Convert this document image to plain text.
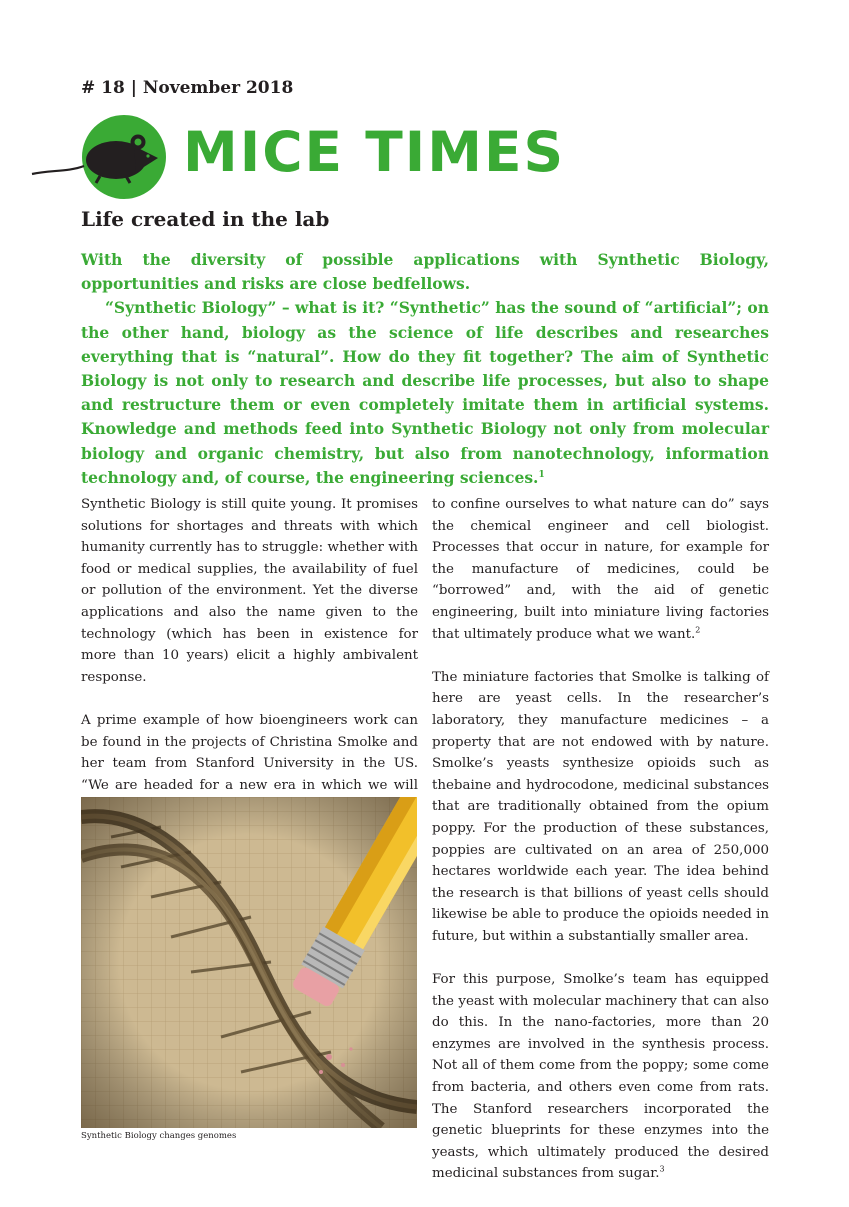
# 18 | November 2018
MICE TIMES
Life created in the lab

With the diversity of possible applications with Synthetic Biology, opportunities and risks are close bedfellows.

“Synthetic Biology” – what is it? “Synthetic” has the sound of “artificial”; on the other hand, biology as the science of life describes and researches everything that is “natural”. How do they fit together? The aim of Synthetic Biology is not only to research and describe life processes, but also to shape and restructure them or even completely imitate them in artificial systems. Knowledge and methods feed into Synthetic Biology not only from molecular biology and organic chemistry, but also from nanotechnology, information technology and, of course, the engineering sciences.$^1$

Synthetic Biology is still quite young. It promises solutions for shortages and threats with which humanity currently has to struggle: whether with food or medical supplies, the availability of fuel or pollution of the environment. Yet the diverse applications and also the name given to the technology (which has been in existence for more than 10 years) elicit a highly ambivalent response.

A prime example of how bioengineers work can be found in the projects of Christina Smolke and her team from Stanford University in the US. “We are headed for a new era in which we will

to confine ourselves to what nature can do” says the chemical engineer and cell biologist. Processes that occur in nature, for example for the manufacture of medicines, could be “borrowed” and, with the aid of genetic engineering, built into miniature living factories that ultimately produce what we want.$^2$

The miniature factories that Smolke is talking of here are yeast cells. In the researcher’s laboratory, they manufacture medicines – a property that are not endowed with by nature. Smolke’s yeasts synthesize opioids such as thebaine and hydrocodone, medicinal substances that are traditionally obtained from the opium poppy. For the production of these substances, poppies are cultivated on an area of 250,000 hectares worldwide each year. The idea behind the research is that billions of yeast cells should likewise be able to produce the opioids needed in future, but within a substantially smaller area.

For this purpose, Smolke’s team has equipped the yeast with molecular machinery that can also do this. In the nano-factories, more than 20 enzymes are involved in the synthesis process. Not all of them come from the poppy; some come from bacteria, and others even come from rats. The Stanford researchers incorporated the genetic blueprints for these enzymes into the yeasts, which ultimately produced the desired medicinal substances from sugar.$^3$

Synthetic Biology changes genomes
